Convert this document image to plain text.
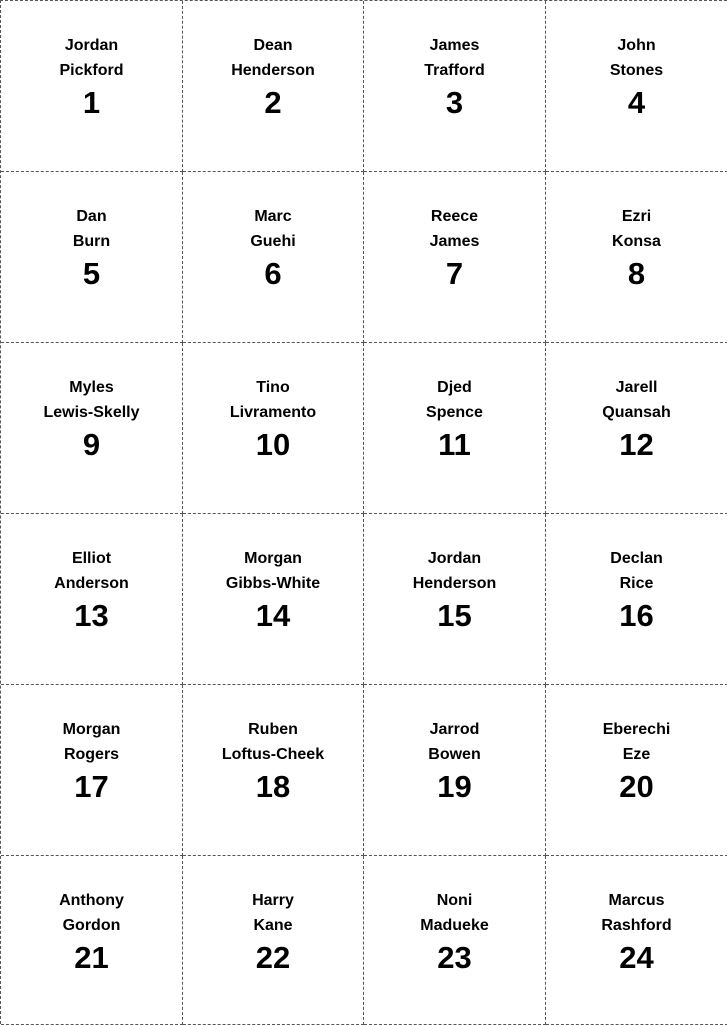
Jordan
Pickford
1
Dean
Henderson
2
James
Trafford
3
John
Stones
4
Dan
Burn
5
Marc
Guehi
6
Reece
James
7
Ezri
Konsa
8
Myles
Lewis-Skelly
9
Tino
Livramento
10
Djed
Spence
11
Jarell
Quansah
12
Elliot
Anderson
13
Morgan
Gibbs-White
14
Jordan
Henderson
15
Declan
Rice
16
Morgan
Rogers
17
Ruben
Loftus-Cheek
18
Jarrod
Bowen
19
Eberechi
Eze
20
Anthony
Gordon
21
Harry
Kane
22
Noni
Madueke
23
Marcus
Rashford
24
